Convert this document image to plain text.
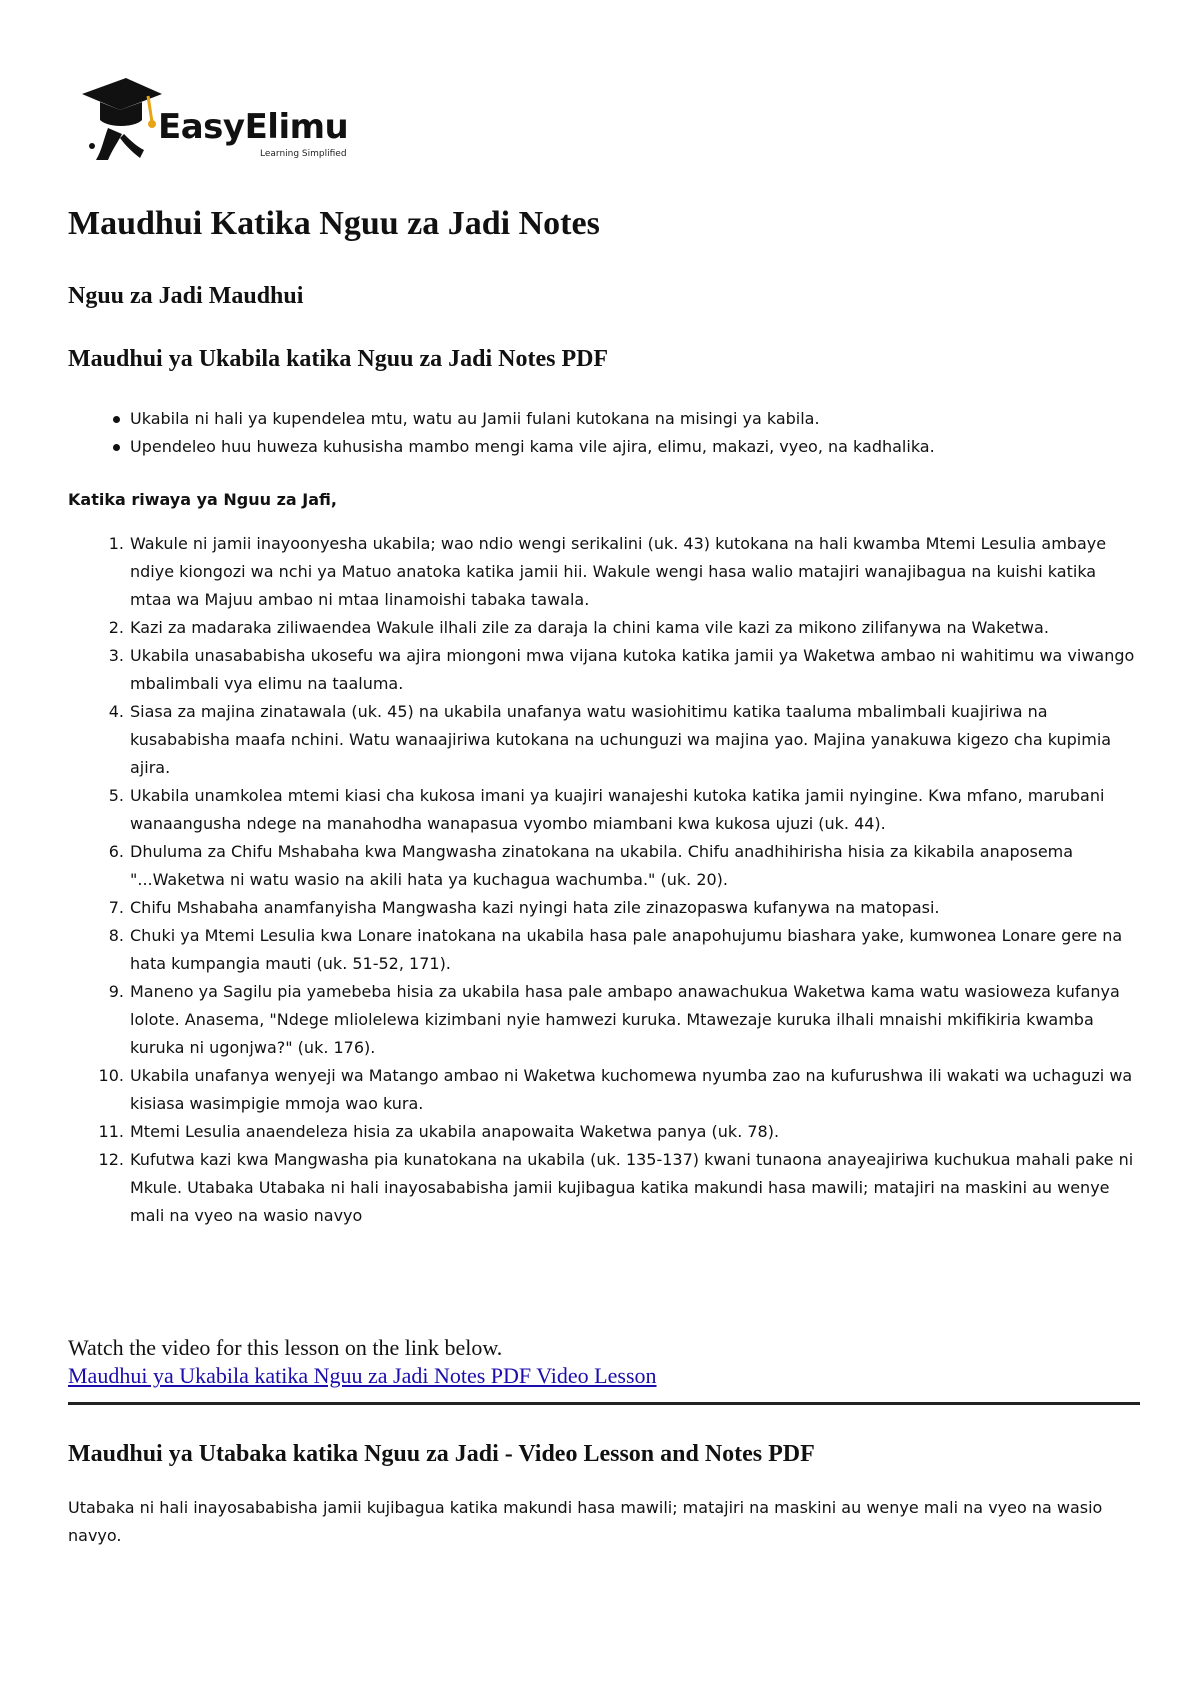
EasyElimu
Learning Simplified
Maudhui Katika Nguu za Jadi Notes
Nguu za Jadi Maudhui
Maudhui ya Ukabila katika Nguu za Jadi Notes PDF
Ukabila ni hali ya kupendelea mtu, watu au Jamii fulani kutokana na misingi ya kabila.
Upendeleo huu huweza kuhusisha mambo mengi kama vile ajira, elimu, makazi, vyeo, na kadhalika.

Katika riwaya ya Nguu za Jafi,

1. Wakule ni jamii inayoonyesha ukabila; wao ndio wengi serikalini (uk. 43) kutokana na hali kwamba Mtemi Lesulia ambaye ndiye kiongozi wa nchi ya Matuo anatoka katika jamii hii. Wakule wengi hasa walio matajiri wanajibagua na kuishi katika mtaa wa Majuu ambao ni mtaa linamoishi tabaka tawala.
2. Kazi za madaraka ziliwaendea Wakule ilhali zile za daraja la chini kama vile kazi za mikono zilifanywa na Waketwa.
3. Ukabila unasababisha ukosefu wa ajira miongoni mwa vijana kutoka katika jamii ya Waketwa ambao ni wahitimu wa viwango mbalimbali vya elimu na taaluma.
4. Siasa za majina zinatawala (uk. 45) na ukabila unafanya watu wasiohitimu katika taaluma mbalimbali kuajiriwa na kusababisha maafa nchini. Watu wanaajiriwa kutokana na uchunguzi wa majina yao. Majina yanakuwa kigezo cha kupimia ajira.
5. Ukabila unamkolea mtemi kiasi cha kukosa imani ya kuajiri wanajeshi kutoka katika jamii nyingine. Kwa mfano, marubani wanaangusha ndege na manahodha wanapasua vyombo miambani kwa kukosa ujuzi (uk. 44).
6. Dhuluma za Chifu Mshabaha kwa Mangwasha zinatokana na ukabila. Chifu anadhihirisha hisia za kikabila anaposema "...Waketwa ni watu wasio na akili hata ya kuchagua wachumba." (uk. 20).
7. Chifu Mshabaha anamfanyisha Mangwasha kazi nyingi hata zile zinazopaswa kufanywa na matopasi.
8. Chuki ya Mtemi Lesulia kwa Lonare inatokana na ukabila hasa pale anapohujumu biashara yake, kumwonea Lonare gere na hata kumpangia mauti (uk. 51-52, 171).
9. Maneno ya Sagilu pia yamebeba hisia za ukabila hasa pale ambapo anawachukua Waketwa kama watu wasioweza kufanya lolote. Anasema, "Ndege mliolelewa kizimbani nyie hamwezi kuruka. Mtawezaje kuruka ilhali mnaishi mkifikiria kwamba kuruka ni ugonjwa?" (uk. 176).
10. Ukabila unafanya wenyeji wa Matango ambao ni Waketwa kuchomewa nyumba zao na kufurushwa ili wakati wa uchaguzi wa kisiasa wasimpigie mmoja wao kura.
11. Mtemi Lesulia anaendeleza hisia za ukabila anapowaita Waketwa panya (uk. 78).
12. Kufutwa kazi kwa Mangwasha pia kunatokana na ukabila (uk. 135-137) kwani tunaona anayeajiriwa kuchukua mahali pake ni Mkule. Utabaka Utabaka ni hali inayosababisha jamii kujibagua katika makundi hasa mawili; matajiri na maskini au wenye mali na vyeo na wasio navyo

Watch the video for this lesson on the link below.

Maudhui ya Ukabila katika Nguu za Jadi Notes PDF Video Lesson
Maudhui ya Utabaka katika Nguu za Jadi - Video Lesson and Notes PDF

Utabaka ni hali inayosababisha jamii kujibagua katika makundi hasa mawili; matajiri na maskini au wenye mali na vyeo na wasio navyo.
